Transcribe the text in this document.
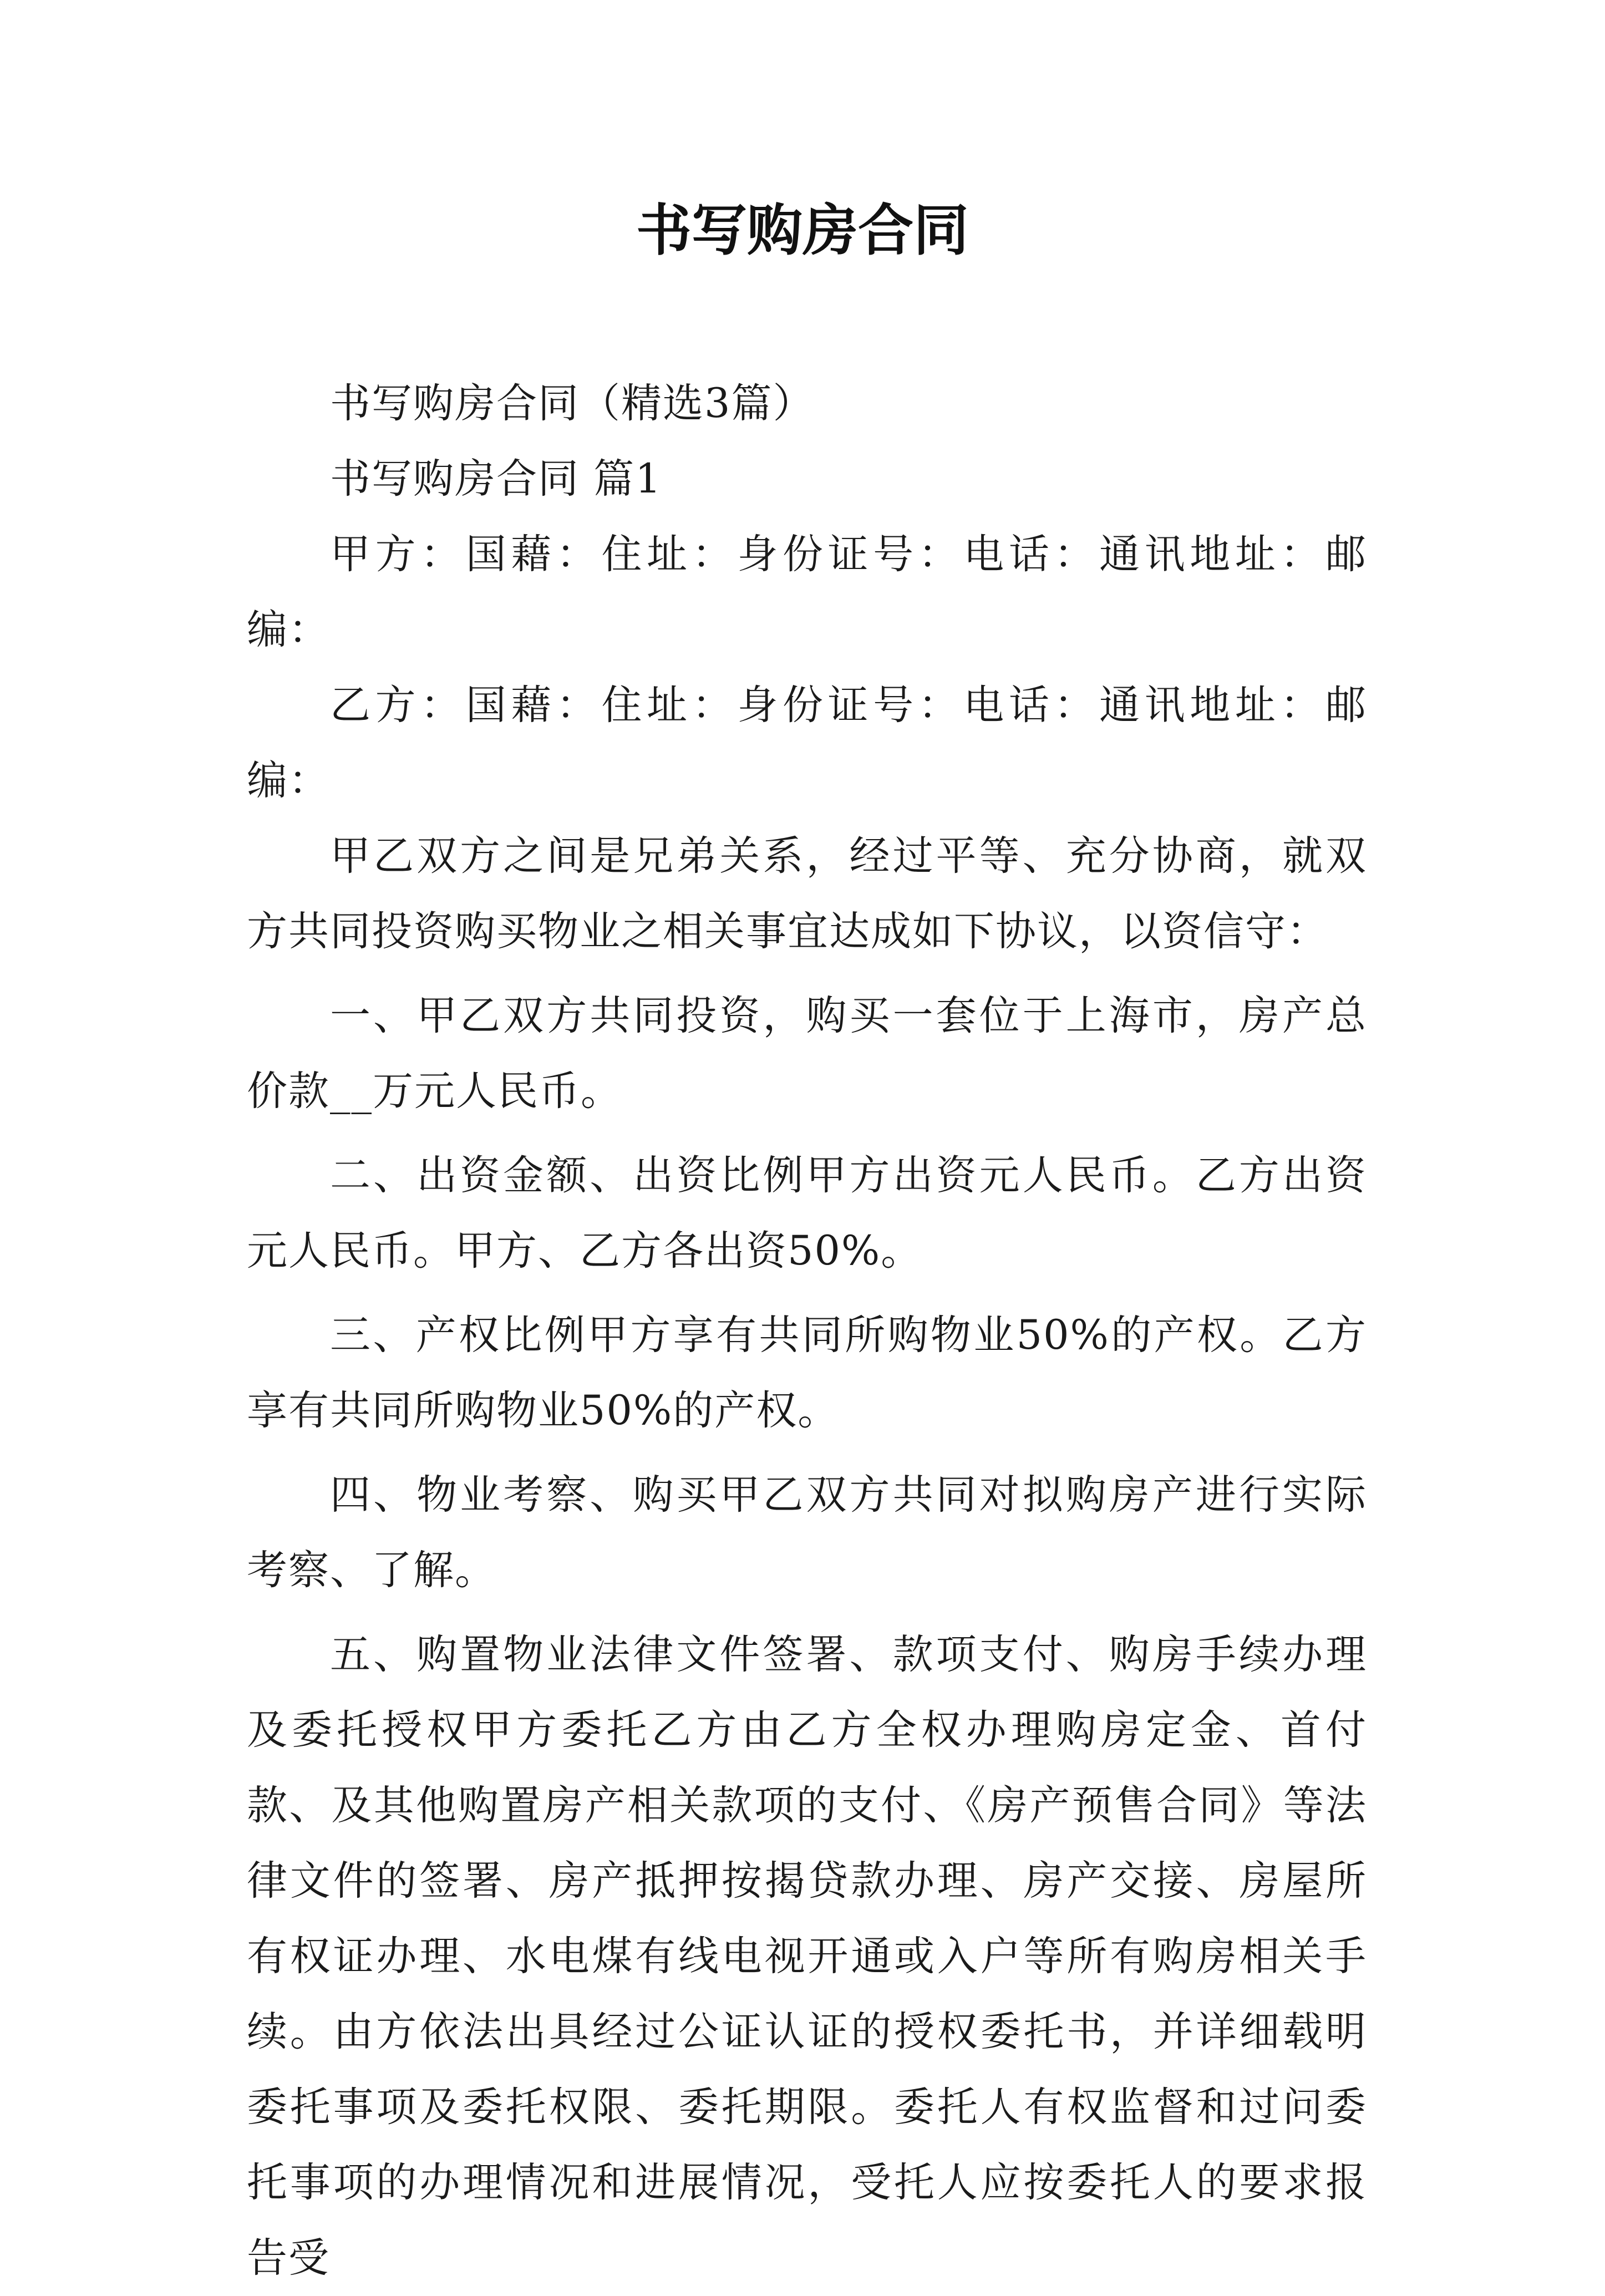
书写购房合同

书写购房合同（精选3篇）

书写购房合同 篇1

甲方：国藉：住址：身份证号：电话：通讯地址：邮编：

乙方：国藉：住址：身份证号：电话：通讯地址：邮编：

甲乙双方之间是兄弟关系，经过平等、充分协商，就双方共同投资购买物业之相关事宜达成如下协议，以资信守：

一、甲乙双方共同投资，购买一套位于上海市，房产总价款__万元人民币。

二、出资金额、出资比例甲方出资元人民币。乙方出资元人民币。甲方、乙方各出资50%。

三、产权比例甲方享有共同所购物业50%的产权。乙方享有共同所购物业50%的产权。

四、物业考察、购买甲乙双方共同对拟购房产进行实际考察、了解。

五、购置物业法律文件签署、款项支付、购房手续办理及委托授权甲方委托乙方由乙方全权办理购房定金、首付款、及其他购置房产相关款项的支付、《房产预售合同》等法律文件的签署、房产抵押按揭贷款办理、房产交接、房屋所有权证办理、水电煤有线电视开通或入户等所有购房相关手续。由方依法出具经过公证认证的授权委托书，并详细载明委托事项及委托权限、委托期限。委托人有权监督和过问委托事项的办理情况和进展情况，受托人应按委托人的要求报告受
